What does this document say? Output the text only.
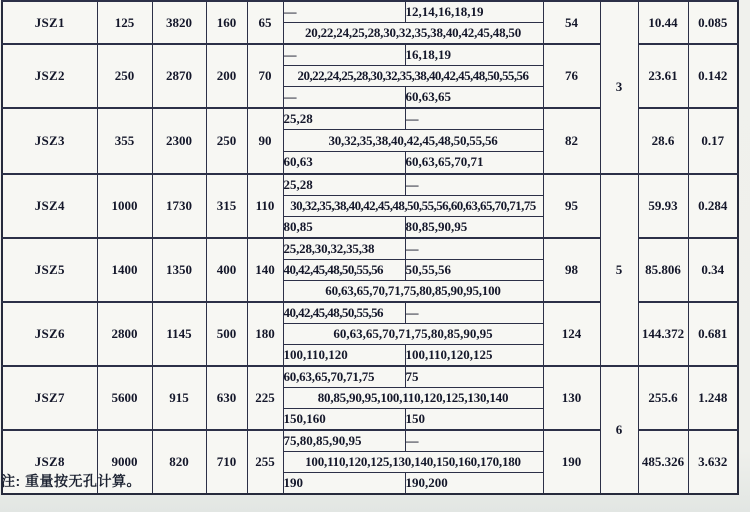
JSZ1	125	3820	160	65	—	12,14,16,18,19	54	3	10.44	0.085
					20,22,24,25,28,30,32,35,38,40,42,45,48,50					
JSZ2	250	2870	200	70	—	16,18,19	76		23.61	0.142
					20,22,24,25,28,30,32,35,38,40,42,45,48,50,55,56					
					—	60,63,65				
JSZ3	355	2300	250	90	25,28	—	82		28.6	0.17
					30,32,35,38,40,42,45,48,50,55,56					
					60,63	60,63,65,70,71				
JSZ4	1000	1730	315	110	25,28	—	95	5	59.93	0.284
					30,32,35,38,40,42,45,48,50,55,56,60,63,65,70,71,75					
					80,85	80,85,90,95				
JSZ5	1400	1350	400	140	25,28,30,32,35,38	—	98		85.806	0.34
					40,42,45,48,50,55,56	50,55,56				
					60,63,65,70,71,75,80,85,90,95,100					
JSZ6	2800	1145	500	180	40,42,45,48,50,55,56	—	124		144.372	0.681
					60,63,65,70,71,75,80,85,90,95					
					100,110,120	100,110,120,125				
JSZ7	5600	915	630	225	60,63,65,70,71,75	75	130	6	255.6	1.248
					80,85,90,95,100,110,120,125,130,140					
					150,160	150				
JSZ8	9000	820	710	255	75,80,85,90,95	—	190		485.326	3.632
					100,110,120,125,130,140,150,160,170,180					
					190	190,200				
注: 重量按无孔计算。
